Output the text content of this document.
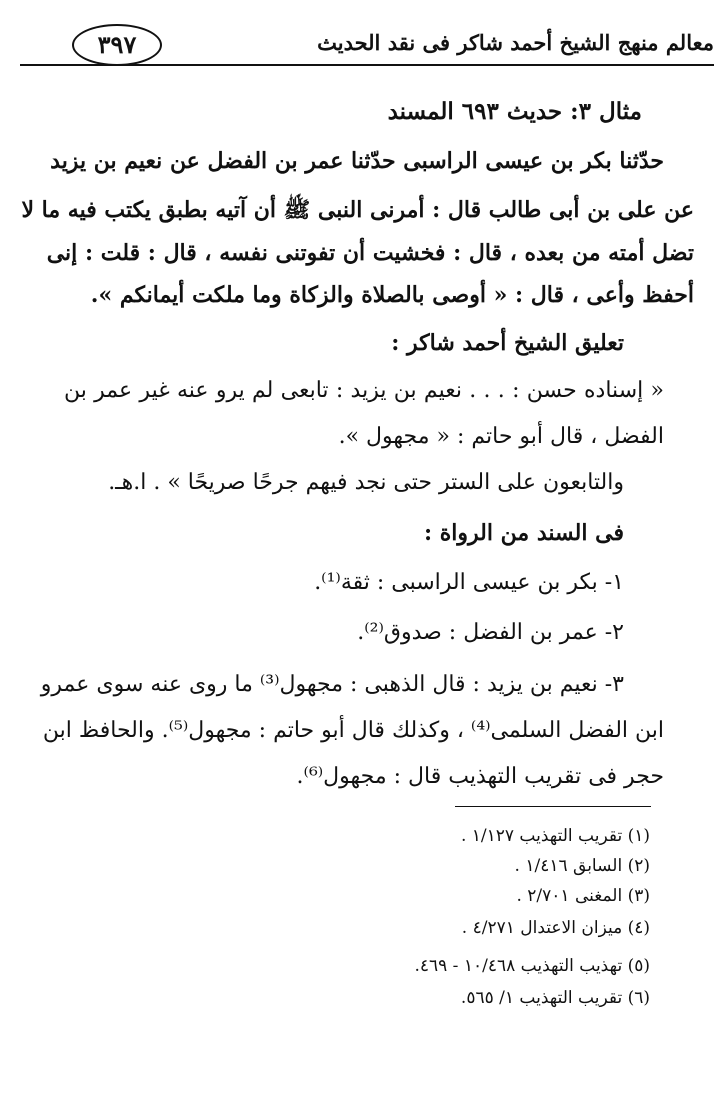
معالم منهج الشيخ أحمد شاكر فى نقد الحديث
٣٩٧
مثال ٣: حديث ٦٩٣ المسند
حدّثنا بكر بن عيسى الراسبى حدّثنا عمر بن الفضل عن نعيم بن يزيد
عن على بن أبى طالب قال : أمرنى النبى ﷺ أن آتيه بطبق يكتب فيه ما لا
تضل أمته من بعده ، قال : فخشيت أن تفوتنى نفسه ، قال : قلت : إنى
أحفظ وأعى ، قال : « أوصى بالصلاة والزكاة وما ملكت أيمانكم ».
تعليق الشيخ أحمد شاكر :
« إسناده حسن : . . . نعيم بن يزيد : تابعى لم يرو عنه غير عمر بن
الفضل ، قال أبو حاتم : « مجهول ».
والتابعون على الستر حتى نجد فيهم جرحًا صريحًا » . ا.هـ.
فى السند من الرواة :
١- بكر بن عيسى الراسبى : ثقة⁽¹⁾.
٢- عمر بن الفضل : صدوق⁽²⁾.
٣- نعيم بن يزيد : قال الذهبى : مجهول⁽³⁾ ما روى عنه سوى عمرو
ابن الفضل السلمى⁽⁴⁾ ، وكذلك قال أبو حاتم : مجهول⁽⁵⁾. والحافظ ابن
حجر فى تقريب التهذيب قال : مجهول⁽⁶⁾.
(١) تقريب التهذيب ١/١٢٧ .
(٢) السابق ١/٤١٦ .
(٣) المغنى ٢/٧٠١ .
(٤) ميزان الاعتدال ٤/٢٧١ .
(٥) تهذيب التهذيب ١٠/٤٦٨ - ٤٦٩.
(٦) تقريب التهذيب ١/ ٥٦٥.
